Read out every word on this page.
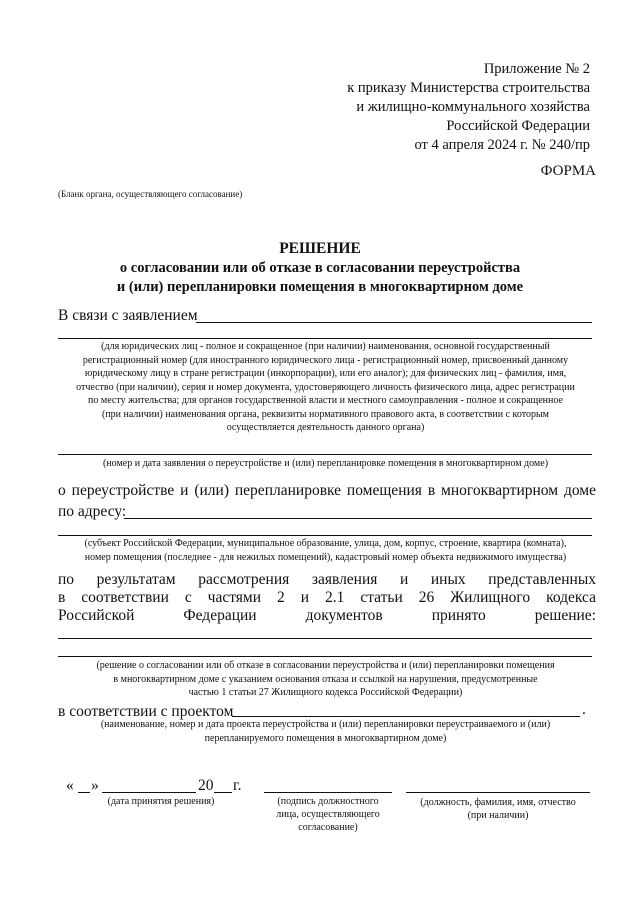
Приложение № 2
к приказу Министерства строительства
и жилищно-коммунального хозяйства
Российской Федерации
от 4 апреля 2024 г. № 240/пр
ФОРМА
(Бланк органа, осуществляющего согласование)
РЕШЕНИЕ
о согласовании или об отказе в согласовании переустройства
и (или) перепланировки помещения в многоквартирном доме
В связи с заявлением
(для юридических лиц - полное и сокращенное (при наличии) наименования, основной государственный
регистрационный номер (для иностранного юридического лица - регистрационный номер, присвоенный данному
юридическому лицу в стране регистрации (инкорпорации), или его аналог); для физических лиц - фамилия, имя,
отчество (при наличии), серия и номер документа, удостоверяющего личность физического лица, адрес регистрации
по месту жительства; для органов государственной власти и местного самоуправления - полное и сокращенное
(при наличии) наименования органа, реквизиты нормативного правового акта, в соответствии с которым
осуществляется деятельность данного органа)
(номер и дата заявления о переустройстве и (или) перепланировке помещения в многоквартирном доме)
о переустройстве и (или) перепланировке помещения в многоквартирном доме
по адресу:
(субъект Российской Федерации, муниципальное образование, улица, дом, корпус, строение, квартира (комната),
номер помещения (последнее - для нежилых помещений), кадастровый номер объекта недвижимого имущества)
по результатам рассмотрения заявления и иных представленных
в соответствии с частями 2 и 2.1 статьи 26 Жилищного кодекса
Российской Федерации документов принято решение:
(решение о согласовании или об отказе в согласовании переустройства и (или) перепланировки помещения
в многоквартирном доме с указанием основания отказа и ссылкой на нарушения, предусмотренные
частью 1 статьи 27 Жилищного кодекса Российской Федерации)
в соответствии с проектом	.
(наименование, номер и дата проекта переустройства и (или) перепланировки переустраиваемого и (или)
перепланируемого помещения в многоквартирном доме)
« »	20 г.
(дата принятия решения)	(подпись должностного
лица, осуществляющего
согласование)
(должность, фамилия, имя, отчество
(при наличии)
